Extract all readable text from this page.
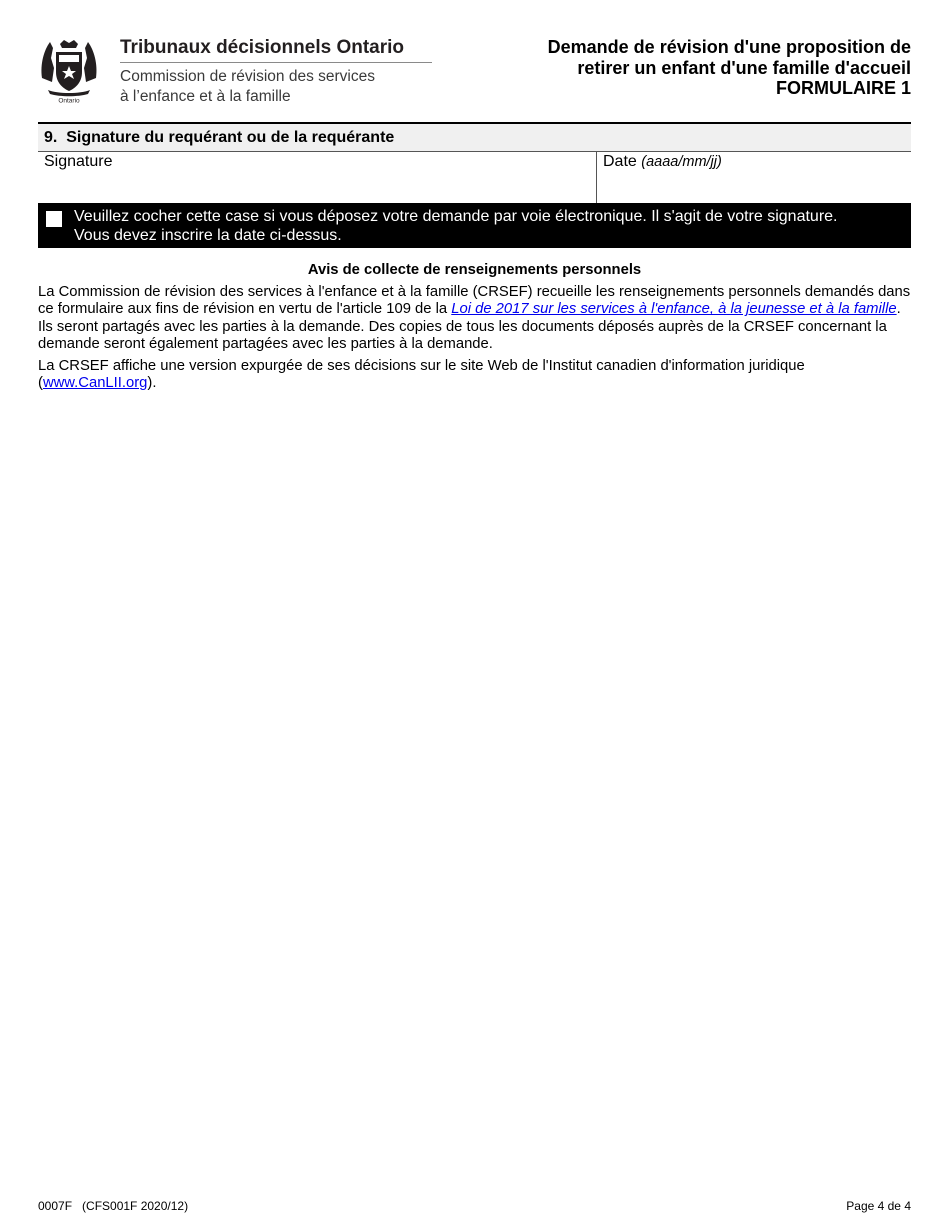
Ontario
Tribunaux décisionnels Ontario
Commission de révision des services
à l’enfance et à la famille
Demande de révision d'une proposition de
retirer un enfant d'une famille d'accueil
FORMULAIRE 1
9. Signature du requérant ou de la requérante
Signature	Date (aaaa/mm/jj)
Veuillez cocher cette case si vous déposez votre demande par voie électronique. Il s'agit de votre signature.
Vous devez inscrire la date ci-dessus.
Avis de collecte de renseignements personnels

La Commission de révision des services à l'enfance et à la famille (CRSEF) recueille les renseignements personnels demandés dans ce formulaire aux fins de révision en vertu de l'article 109 de la Loi de 2017 sur les services à l'enfance, à la jeunesse et à la famille. Ils seront partagés avec les parties à la demande. Des copies de tous les documents déposés auprès de la CRSEF concernant la demande seront également partagées avec les parties à la demande.

La CRSEF affiche une version expurgée de ses décisions sur le site Web de l'Institut canadien d'information juridique (www.CanLII.org).

0007F   (CFS001F 2020/12)	Page 4 de 4
